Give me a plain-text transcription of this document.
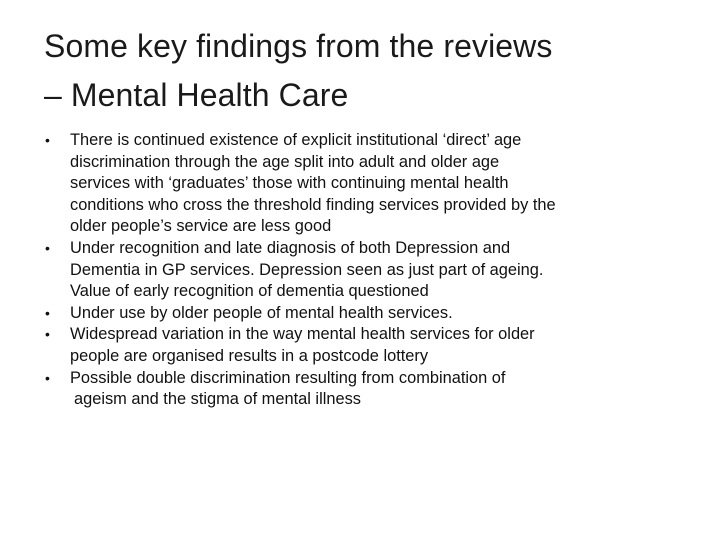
Some key findings from the reviews
– Mental Health Care
• There is continued existence of explicit institutional ‘direct’ age
discrimination through the age split into adult and older age
services with ‘graduates’ those with continuing mental health
conditions who cross the threshold finding services provided by the
older people’s service are less good
• Under recognition and late diagnosis of both Depression and
Dementia in GP services. Depression seen as just part of ageing.
Value of early recognition of dementia questioned
• Under use by older people of mental health services.
• Widespread variation in the way mental health services for older
people are organised results in a postcode lottery
• Possible double discrimination resulting from combination of
ageism and the stigma of mental illness
